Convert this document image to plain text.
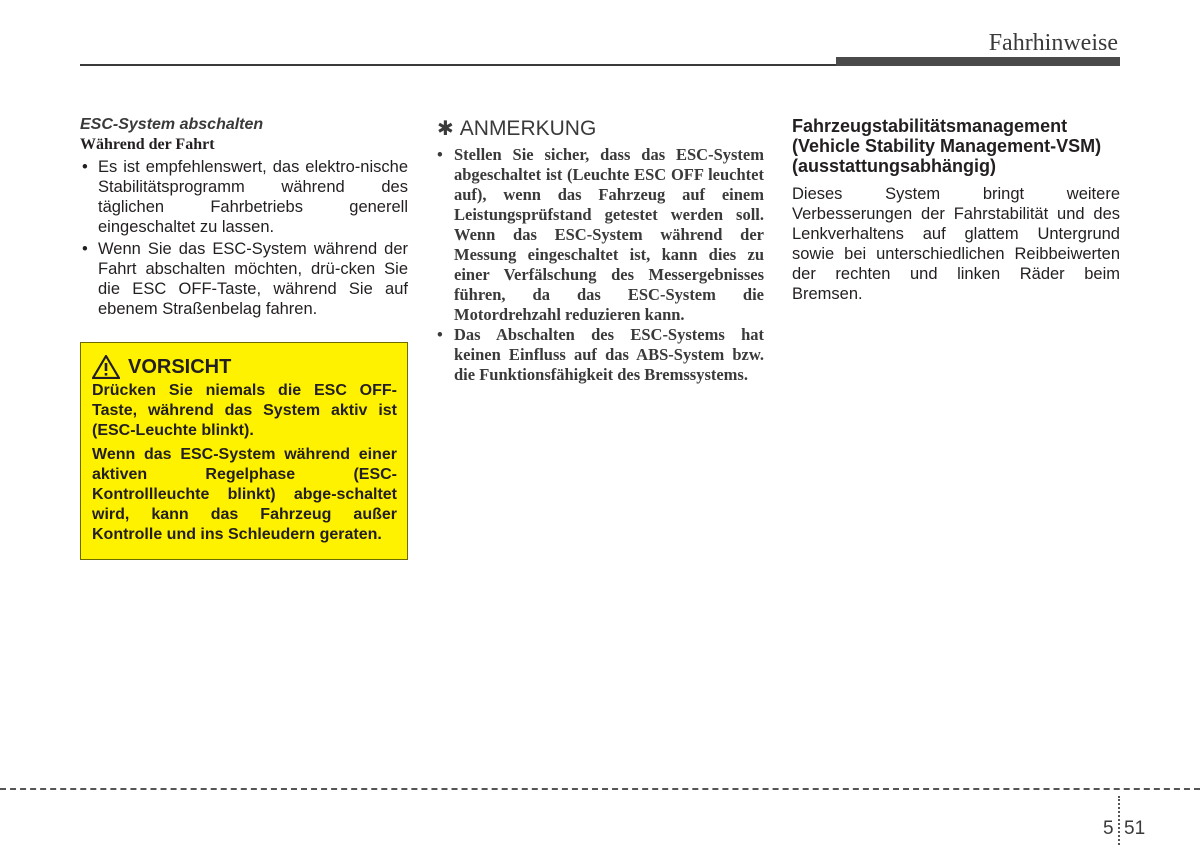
Fahrhinweise
ESC-System abschalten
Während der Fahrt
• Es ist empfehlenswert, das elektro-nische Stabilitätsprogramm während des täglichen Fahrbetriebs generell eingeschaltet zu lassen.
• Wenn Sie das ESC-System während der Fahrt abschalten möchten, drü-cken Sie die ESC OFF-Taste, während Sie auf ebenem Straßenbelag fahren.
VORSICHT

Drücken Sie niemals die ESC OFF-Taste, während das System aktiv ist (ESC-Leuchte blinkt).

Wenn das ESC-System während einer aktiven Regelphase (ESC-Kontrollleuchte blinkt) abge-schaltet wird, kann das Fahrzeug außer Kontrolle und ins Schleudern geraten.

✱ ANMERKUNG
• Stellen Sie sicher, dass das ESC-System abgeschaltet ist (Leuchte ESC OFF leuchtet auf), wenn das Fahrzeug auf einem Leistungsprüfstand getestet werden soll. Wenn das ESC-System während der Messung eingeschaltet ist, kann dies zu einer Verfälschung des Messergebnisses führen, da das ESC-System die Motordrehzahl reduzieren kann.
• Das Abschalten des ESC-Systems hat keinen Einfluss auf das ABS-System bzw. die Funktionsfähigkeit des Bremssystems.
Fahrzeugstabilitätsmanagement (Vehicle Stability Management-VSM) (ausstattungsabhängig)

Dieses System bringt weitere Verbesserungen der Fahrstabilität und des Lenkverhaltens auf glattem Untergrund sowie bei unterschiedlichen Reibbeiwerten der rechten und linken Räder beim Bremsen.

5 51
